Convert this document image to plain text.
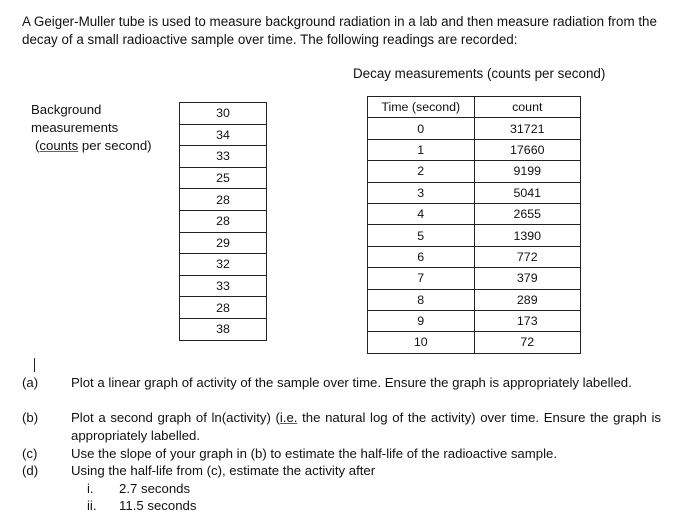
A Geiger-Muller tube is used to measure background radiation in a lab and then measure radiation from the decay of a small radioactive sample over time. The following readings are recorded:
Decay measurements (counts per second)
Background
measurements
(counts per second)
30
34
33
25
28
28
29
32
33
28
38
Time (second)	count
0	31721
1	17660
2	9199
3	5041
4	2655
5	1390
6	772
7	379
8	289
9	173
10	72
(a)	Plot a linear graph of activity of the sample over time. Ensure the graph is appropriately labelled.
(b)	Plot a second graph of ln(activity) (i.e. the natural log of the activity) over time. Ensure the graph is appropriately labelled.
(c)	Use the slope of your graph in (b) to estimate the half-life of the radioactive sample.
(d)	Using the half-life from (c), estimate the activity after
i. 2.7 seconds
ii. 11.5 seconds
